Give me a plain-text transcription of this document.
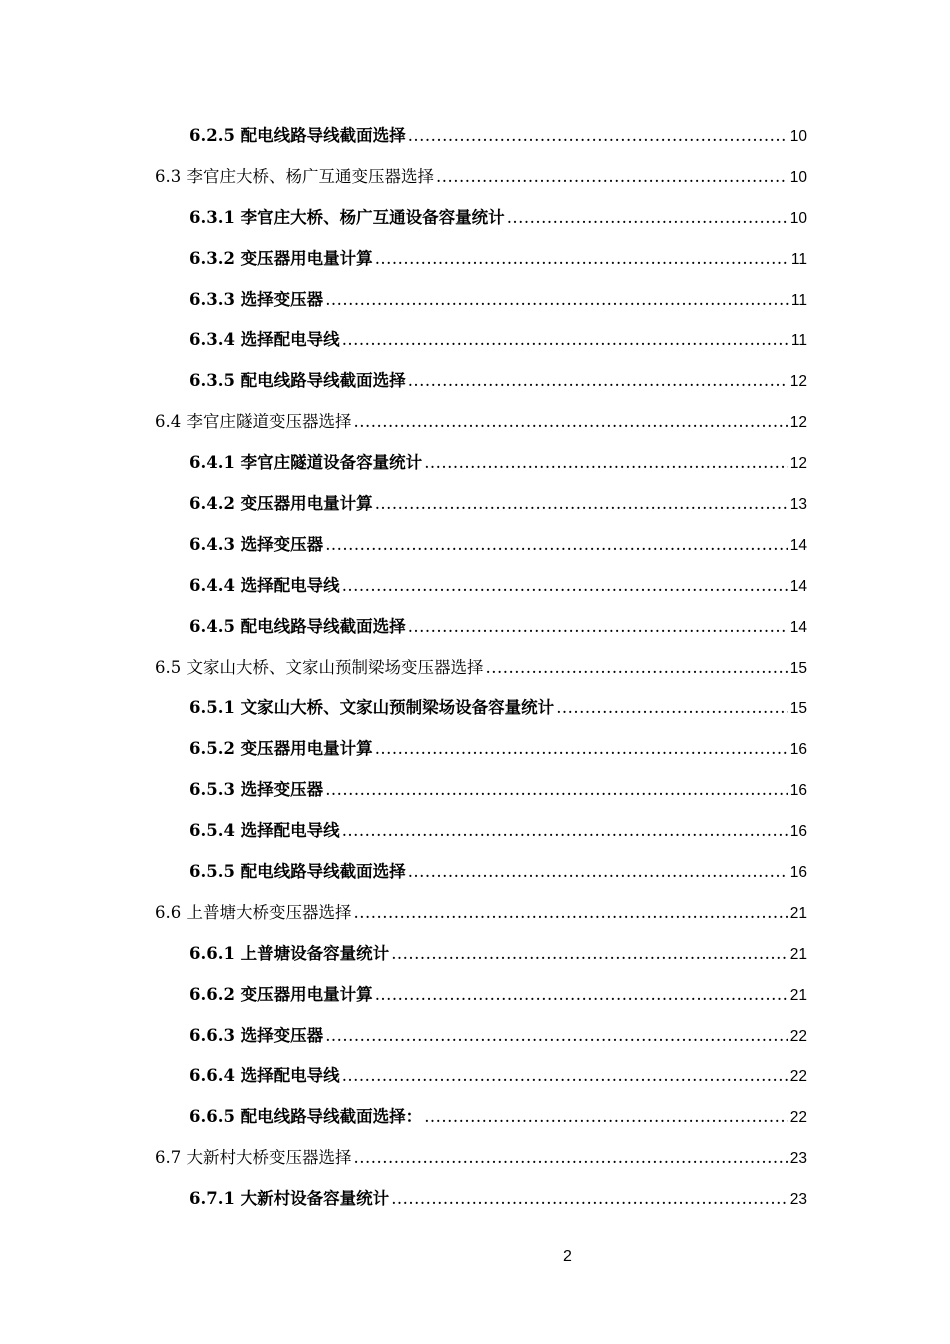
6.2.5 配电线路导线截面选择 .....	10
6.3 李官庄大桥、杨广互通变压器选择 .....	10
6.3.1 李官庄大桥、杨广互通设备容量统计 .....	10
6.3.2 变压器用电量计算 .....	11
6.3.3 选择变压器 .....	11
6.3.4 选择配电导线 .....	11
6.3.5 配电线路导线截面选择 .....	12
6.4 李官庄隧道变压器选择 .....	12
6.4.1 李官庄隧道设备容量统计 .....	12
6.4.2 变压器用电量计算 .....	13
6.4.3 选择变压器 .....	14
6.4.4 选择配电导线 .....	14
6.4.5 配电线路导线截面选择 .....	14
6.5 文家山大桥、文家山预制梁场变压器选择 .....	15
6.5.1 文家山大桥、文家山预制梁场设备容量统计 .....	15
6.5.2 变压器用电量计算 .....	16
6.5.3 选择变压器 .....	16
6.5.4 选择配电导线 .....	16
6.5.5 配电线路导线截面选择 .....	16
6.6 上普塘大桥变压器选择 .....	21
6.6.1 上普塘设备容量统计 .....	21
6.6.2 变压器用电量计算 .....	21
6.6.3 选择变压器 .....	22
6.6.4 选择配电导线 .....	22
6.6.5 配电线路导线截面选择： .....	22
6.7 大新村大桥变压器选择 .....	23
6.7.1 大新村设备容量统计 .....	23
2
